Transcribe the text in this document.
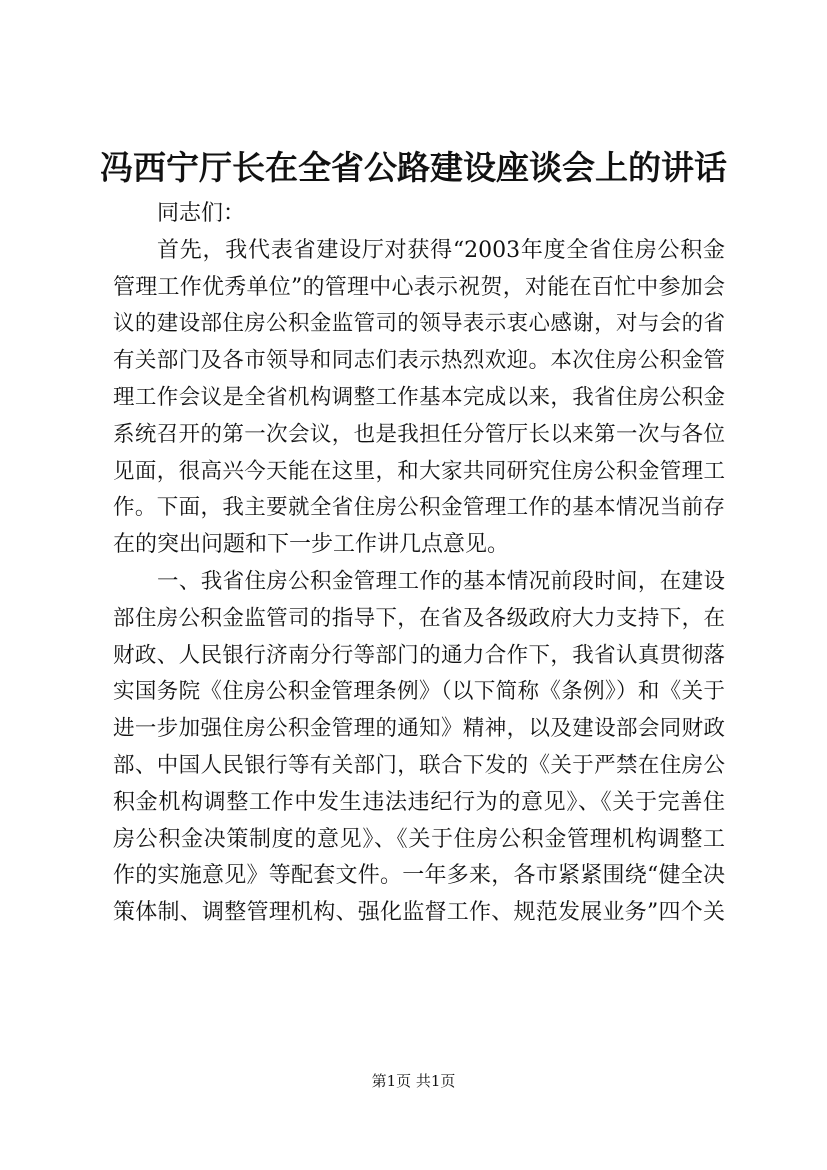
冯西宁厅长在全省公路建设座谈会上的讲话
同志们：
首先，我代表省建设厅对获得“2003年度全省住房公积金
管理工作优秀单位”的管理中心表示祝贺，对能在百忙中参加会
议的建设部住房公积金监管司的领导表示衷心感谢，对与会的省
有关部门及各市领导和同志们表示热烈欢迎。本次住房公积金管
理工作会议是全省机构调整工作基本完成以来，我省住房公积金
系统召开的第一次会议，也是我担任分管厅长以来第一次与各位
见面，很高兴今天能在这里，和大家共同研究住房公积金管理工
作。下面，我主要就全省住房公积金管理工作的基本情况当前存
在的突出问题和下一步工作讲几点意见。
一、我省住房公积金管理工作的基本情况前段时间，在建设
部住房公积金监管司的指导下，在省及各级政府大力支持下，在
财政、人民银行济南分行等部门的通力合作下，我省认真贯彻落
实国务院《住房公积金管理条例》（以下简称《条例》）和《关于
进一步加强住房公积金管理的通知》精神，以及建设部会同财政
部、中国人民银行等有关部门，联合下发的《关于严禁在住房公
积金机构调整工作中发生违法违纪行为的意见》、《关于完善住
房公积金决策制度的意见》、《关于住房公积金管理机构调整工
作的实施意见》等配套文件。一年多来，各市紧紧围绕“健全决
策体制、调整管理机构、强化监督工作、规范发展业务”四个关
第1页 共1页
